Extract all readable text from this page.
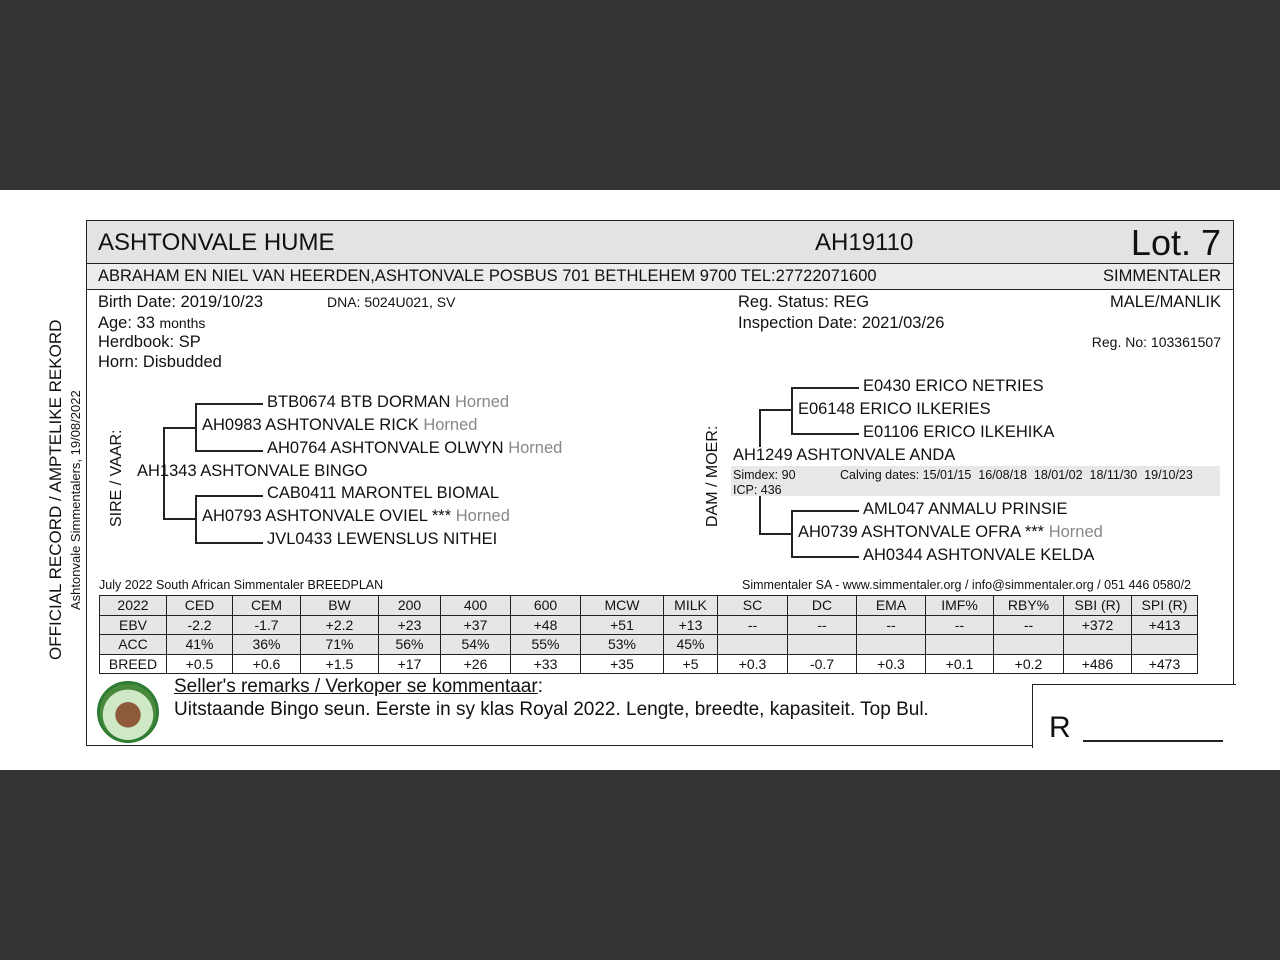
OFFICIAL RECORD / AMPTELIKE REKORD Ashtonvale Simmentalers, 19/08/2022
ASHTONVALE HUME	AH19110	Lot. 7
ABRAHAM EN NIEL VAN HEERDEN,ASHTONVALE POSBUS 701 BETHLEHEM 9700 TEL:27722071600	SIMMENTALER
Birth Date: 2019/10/23	DNA: 5024U021, SV
Age: 33 months
Herdbook: SP
Horn: Disbudded
Reg. Status: REG
Inspection Date: 2021/03/26
MALE/MANLIK
Reg. No: 103361507
SIRE / VAAR:
BTB0674 BTB DORMAN Horned
AH0983 ASHTONVALE RICK Horned
AH0764 ASHTONVALE OLWYN Horned
AH1343 ASHTONVALE BINGO
CAB0411 MARONTEL BIOMAL
AH0793 ASHTONVALE OVIEL *** Horned
JVL0433 LEWENSLUS NITHEI
DAM / MOER:
E0430 ERICO NETRIES
E06148 ERICO ILKERIES
E01106 ERICO ILKEHIKA
AH1249 ASHTONVALE ANDA
Simdex: 90	Calving dates: 15/01/15  16/08/18  18/01/02  18/11/30  19/10/23
ICP: 436
AML047 ANMALU PRINSIE
AH0739 ASHTONVALE OFRA *** Horned
AH0344 ASHTONVALE KELDA
July 2022 South African Simmentaler BREEDPLAN	Simmentaler SA - www.simmentaler.org / info@simmentaler.org / 051 446 0580/2
2022	CED	CEM	BW	200	400	600	MCW	MILK	SC	DC	EMA	IMF%	RBY%	SBI (R)	SPI (R)
EBV	-2.2	-1.7	+2.2	+23	+37	+48	+51	+13	--	--	--	--	--	+372	+413
ACC	41%	36%	71%	56%	54%	55%	53%	45%							
BREED	+0.5	+0.6	+1.5	+17	+26	+33	+35	+5	+0.3	-0.7	+0.3	+0.1	+0.2	+486	+473
Seller's remarks / Verkoper se kommentaar:
Uitstaande Bingo seun. Eerste in sy klas Royal 2022. Lengte, breedte, kapasiteit. Top Bul.
R
